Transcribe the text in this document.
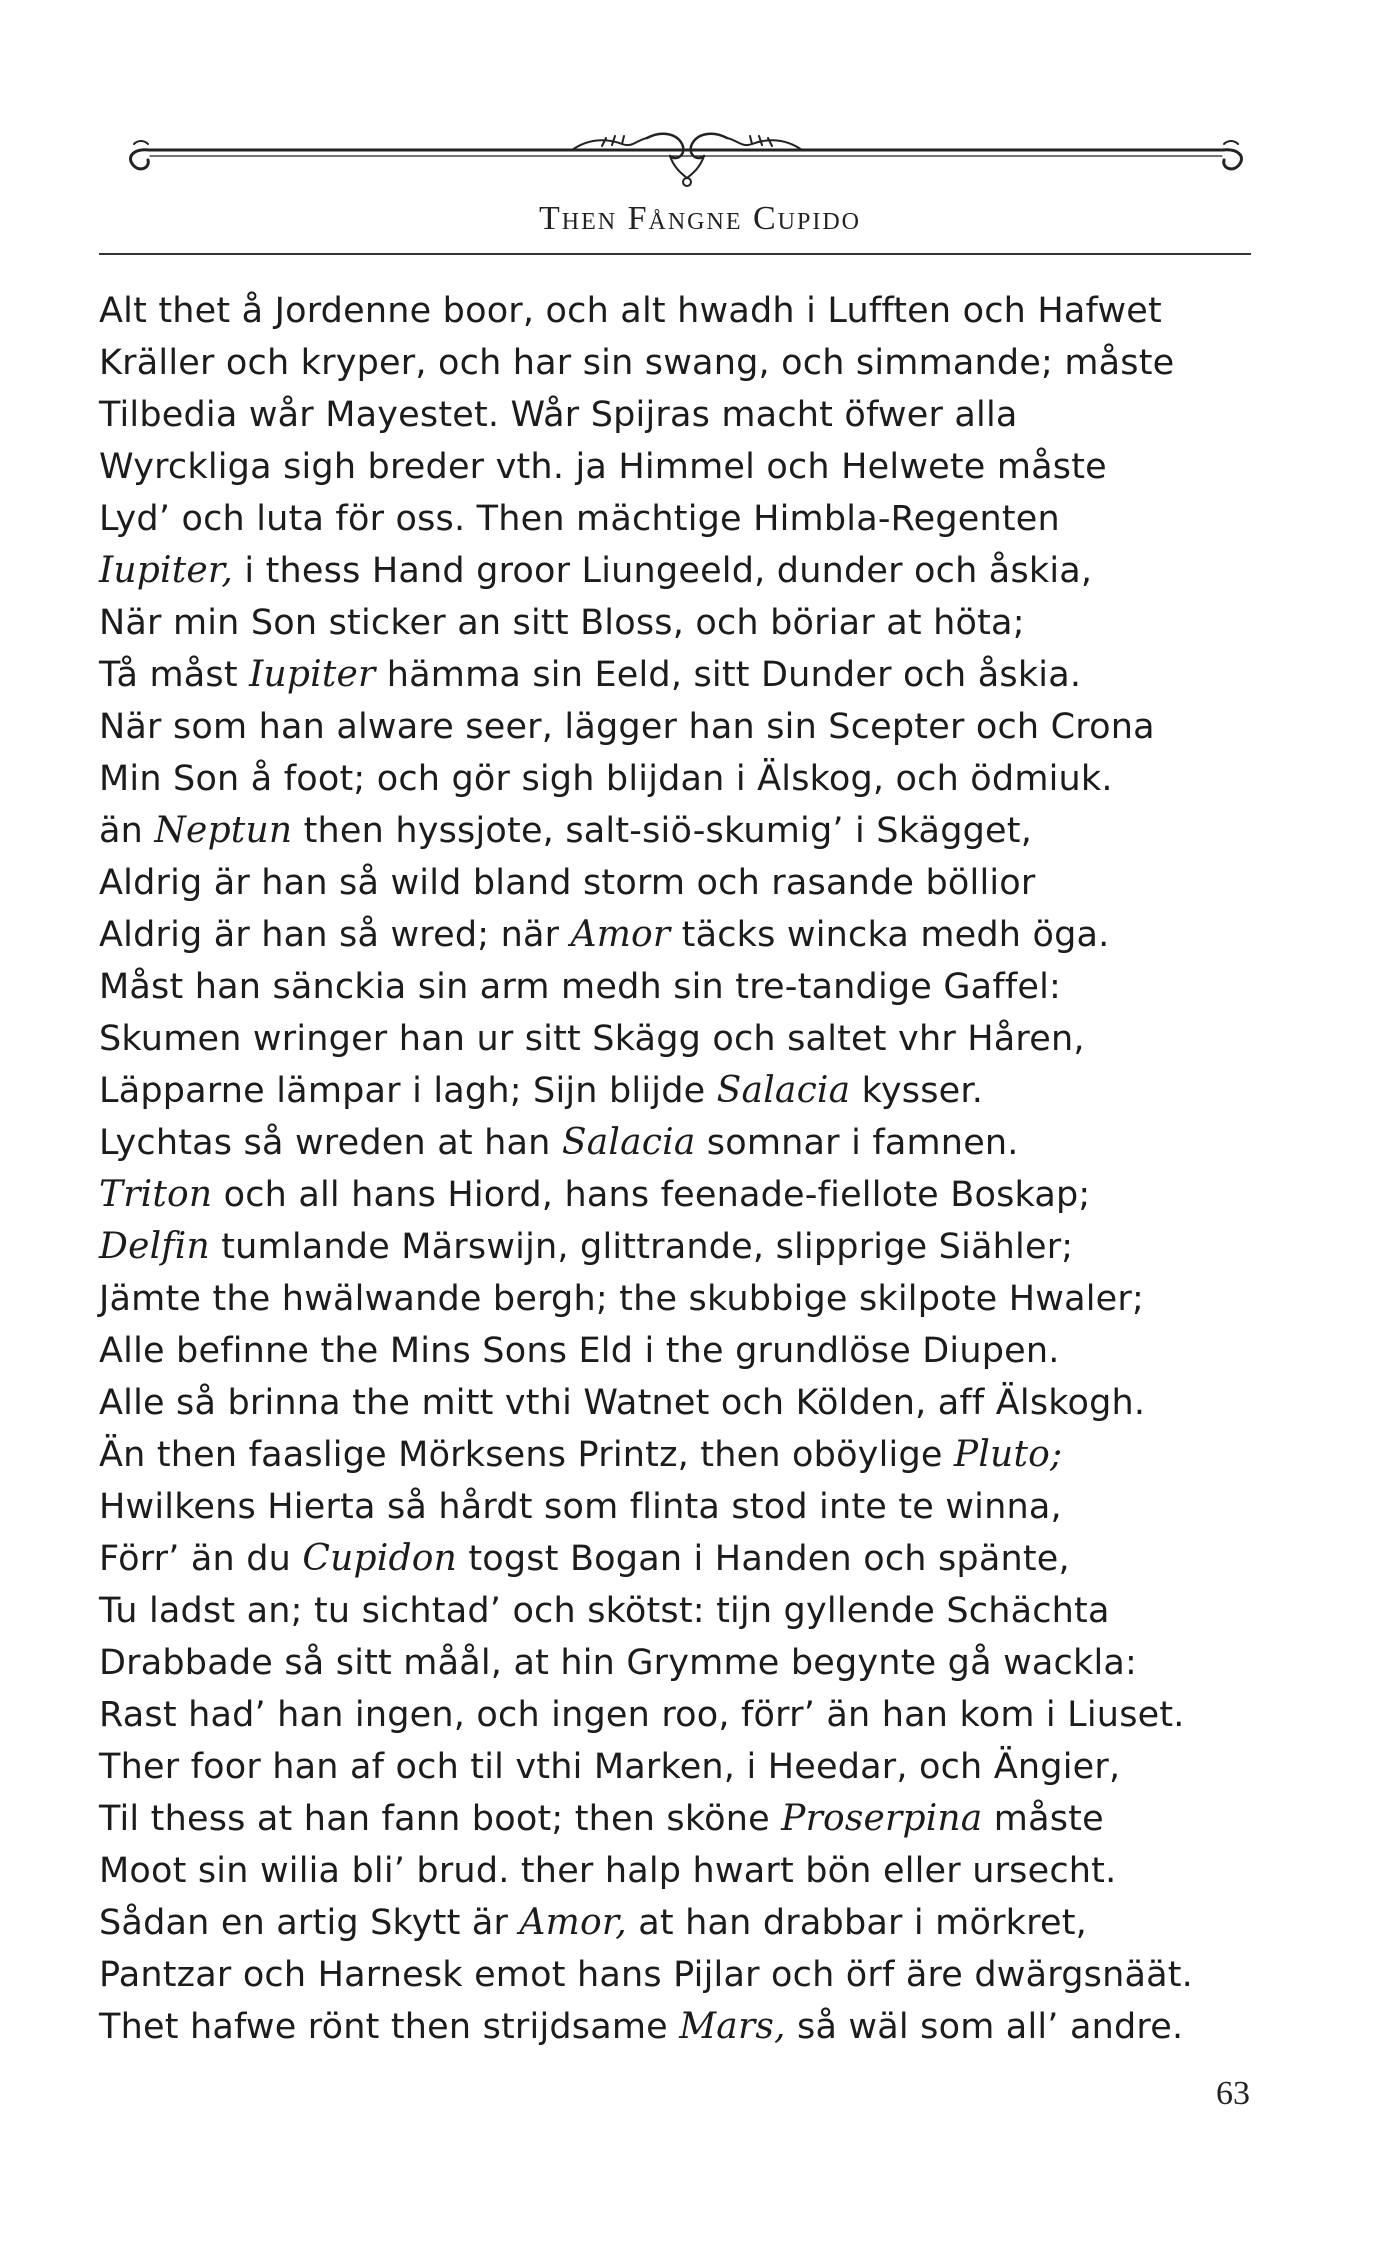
Then Fångne Cupido
Alt thet å Jordenne boor, och alt hwadh i Lufften och Hafwet
Kräller och kryper, och har sin swang, och simmande; måste
Tilbedia wår Mayestet. Wår Spijras macht öfwer alla
Wyrckliga sigh breder vth. ja Himmel och Helwete måste
Lyd’ och luta för oss. Then mächtige Himbla-Regenten
Iupiter, i thess Hand groor Liungeeld, dunder och åskia,
När min Son sticker an sitt Bloss, och böriar at höta;
Tå måst Iupiter hämma sin Eeld, sitt Dunder och åskia.
När som han alware seer, lägger han sin Scepter och Crona
Min Son å foot; och gör sigh blijdan i Älskog, och ödmiuk.
än Neptun then hyssjote, salt-siö-skumig’ i Skägget,
Aldrig är han så wild bland storm och rasande böllior
Aldrig är han så wred; när Amor täcks wincka medh öga.
Måst han sänckia sin arm medh sin tre-tandige Gaffel:
Skumen wringer han ur sitt Skägg och saltet vhr Håren,
Läpparne lämpar i lagh; Sijn blijde Salacia kysser.
Lychtas så wreden at han Salacia somnar i famnen.
Triton och all hans Hiord, hans feenade-fiellote Boskap;
Delfin tumlande Märswijn, glittrande, slipprige Siähler;
Jämte the hwälwande bergh; the skubbige skilpote Hwaler;
Alle befinne the Mins Sons Eld i the grundlöse Diupen.
Alle så brinna the mitt vthi Watnet och Kölden, aff Älskogh.
Än then faaslige Mörksens Printz, then oböylige Pluto;
Hwilkens Hierta så hårdt som flinta stod inte te winna,
Förr’ än du Cupidon togst Bogan i Handen och spänte,
Tu ladst an; tu sichtad’ och skötst: tijn gyllende Schächta
Drabbade så sitt måål, at hin Grymme begynte gå wackla:
Rast had’ han ingen, och ingen roo, förr’ än han kom i Liuset.
Ther foor han af och til vthi Marken, i Heedar, och Ängier,
Til thess at han fann boot; then sköne Proserpina måste
Moot sin wilia bli’ brud. ther halp hwart bön eller ursecht.
Sådan en artig Skytt är Amor, at han drabbar i mörkret,
Pantzar och Harnesk emot hans Pijlar och örf äre dwärgsnäät.
Thet hafwe rönt then strijdsame Mars, så wäl som all’ andre.
63
